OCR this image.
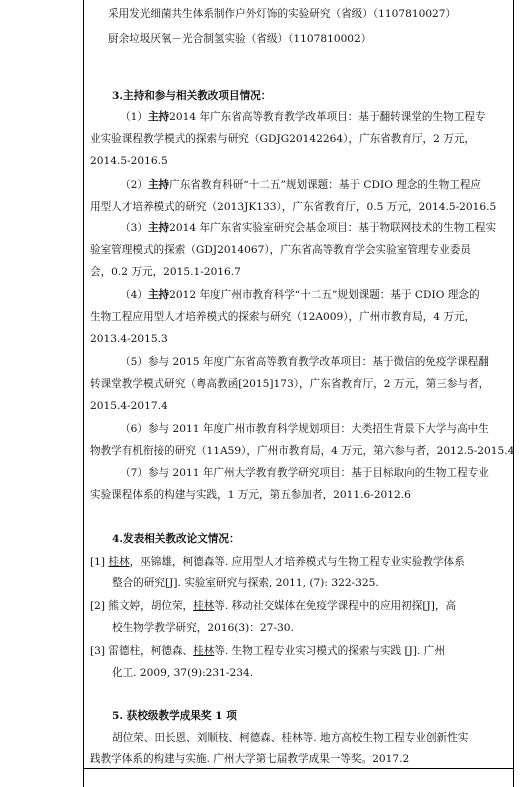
采用发光细菌共生体系制作户外灯饰的实验研究（省级）（1107810027）
厨余垃圾厌氧－光合制氢实验（省级）（1107810002）
3.主持和参与相关教改项目情况：
（1）主持2014 年广东省高等教育教学改革项目：基于翻转课堂的生物工程专
业实验课程教学模式的探索与研究（GDJG20142264），广东省教育厅，2 万元，
2014.5-2016.5
（2）主持广东省教育科研“十二五”规划课题：基于 CDIO 理念的生物工程应
用型人才培养模式的研究（2013JK133），广东省教育厅，0.5 万元，2014.5-2016.5
（3）主持2014 年广东省实验室研究会基金项目：基于物联网技术的生物工程实
验室管理模式的探索（GDJ2014067），广东省高等教育学会实验室管理专业委员
会，0.2 万元，2015.1-2016.7
（4）主持2012 年度广州市教育科学“十二五”规划课题：基于 CDIO 理念的
生物工程应用型人才培养模式的探索与研究（12A009），广州市教育局，4 万元，
2013.4-2015.3
（5）参与 2015 年度广东省高等教育教学改革项目：基于微信的免疫学课程翻
转课堂教学模式研究（粤高教函[2015]173），广东省教育厅，2 万元，第三参与者，
2015.4-2017.4
（6）参与 2011 年度广州市教育科学规划项目：大类招生背景下大学与高中生
物教学有机衔接的研究（11A59），广州市教育局，4 万元，第六参与者，2012.5-2015.4
（7）参与 2011 年广州大学教育教学研究项目：基于目标取向的生物工程专业
实验课程体系的构建与实践，1 万元，第五参加者，2011.6-2012.6
4.发表相关教改论文情况：
[1] 桂林，巫锦雄，柯德森等. 应用型人才培养模式与生物工程专业实验教学体系
整合的研究[J]. 实验室研究与探索, 2011, (7): 322-325.
[2] 熊文婷，胡位荣，桂林等. 移动社交媒体在免疫学课程中的应用初探[J]，高
校生物学教学研究，2016(3)：27-30.
[3] 雷德柱，柯德森、桂林等. 生物工程专业实习模式的探索与实践 [J]. 广州
化工. 2009, 37(9):231-234.
5. 获校级教学成果奖 1 项
胡位荣、田长恩、刘顺枝、柯德森、桂林等. 地方高校生物工程专业创新性实
践教学体系的构建与实施. 广州大学第七届教学成果一等奖。2017.2
